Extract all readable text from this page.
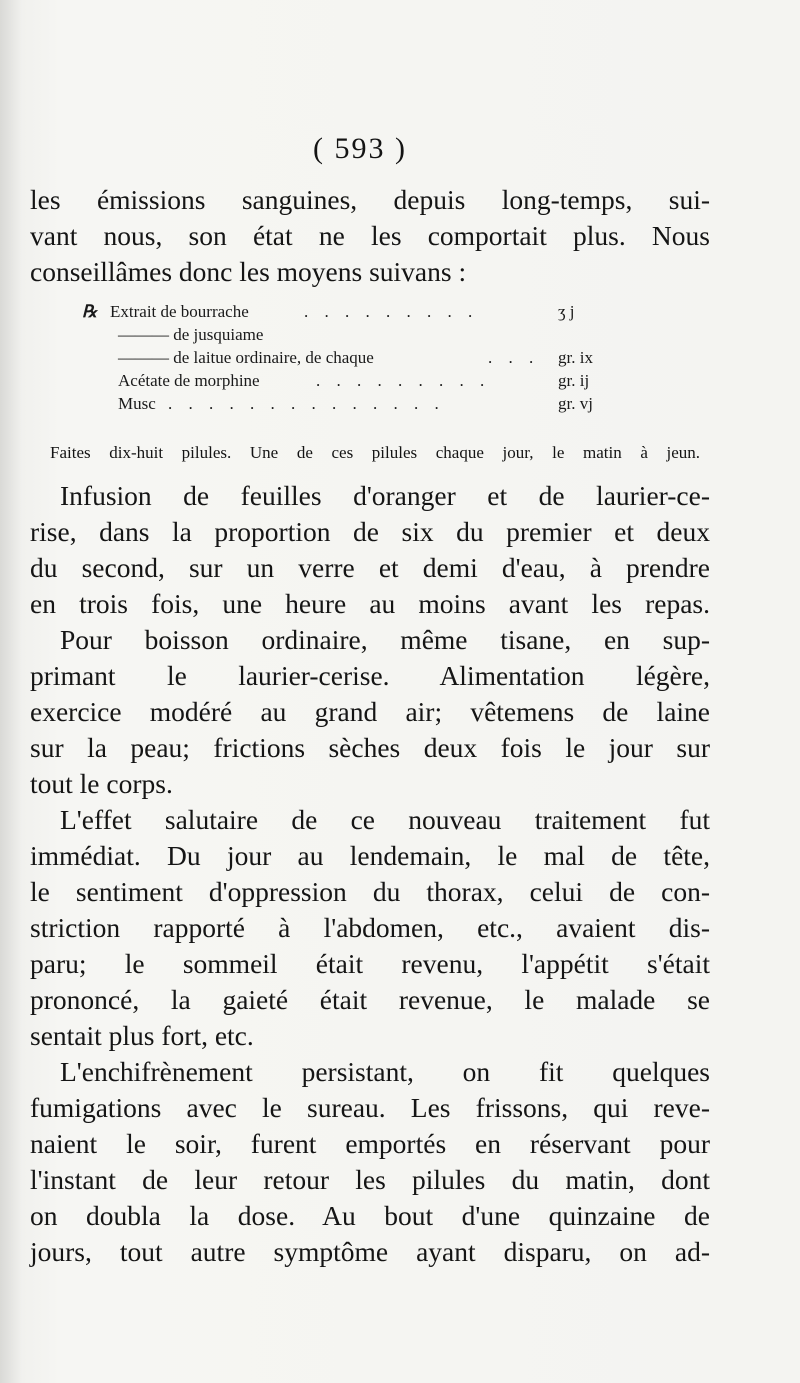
( 593 )
les émissions sanguines, depuis long-temps, sui-
vant nous, son état ne les comportait plus. Nous
conseillâmes donc les moyens suivans :
℞ Extrait de bourrache	. . . . . . . . .	ʒ j
——— de jusquiame
——— de laitue ordinaire, de chaque	. . . gr. ix
Acétate de morphine	. . . . . . . . .	gr. ij
Musc . . . . . . . . . . . . . .	gr. vj
Faites dix-huit pilules. Une de ces pilules chaque jour, le matin à jeun.
Infusion de feuilles d'oranger et de laurier-ce-
rise, dans la proportion de six du premier et deux
du second, sur un verre et demi d'eau, à prendre
en trois fois, une heure au moins avant les repas.
Pour boisson ordinaire, même tisane, en sup-
primant le laurier-cerise. Alimentation légère,
exercice modéré au grand air; vêtemens de laine
sur la peau; frictions sèches deux fois le jour sur
tout le corps.
L'effet salutaire de ce nouveau traitement fut
immédiat. Du jour au lendemain, le mal de tête,
le sentiment d'oppression du thorax, celui de con-
striction rapporté à l'abdomen, etc., avaient dis-
paru; le sommeil était revenu, l'appétit s'était
prononcé, la gaieté était revenue, le malade se
sentait plus fort, etc.
L'enchifrènement persistant, on fit quelques
fumigations avec le sureau. Les frissons, qui reve-
naient le soir, furent emportés en réservant pour
l'instant de leur retour les pilules du matin, dont
on doubla la dose. Au bout d'une quinzaine de
jours, tout autre symptôme ayant disparu, on ad-
